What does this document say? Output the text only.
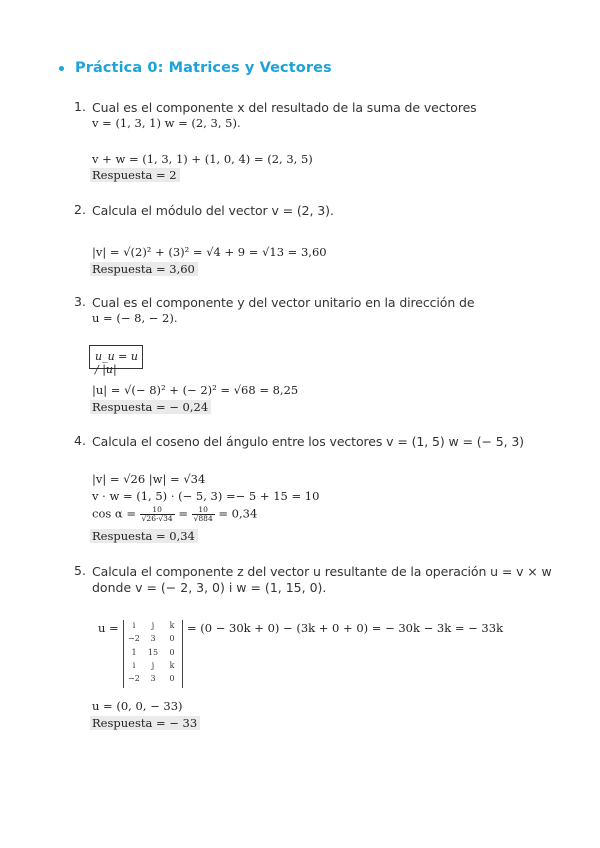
Práctica 0: Matrices y Vectores
1. Cual es el componente x del resultado de la suma de vectores
v = (1, 3, 1) w = (2, 3, 5).
v + w = (1, 3, 1) + (1, 0, 4) = (2, 3, 5)
Respuesta = 2
2. Calcula el módulo del vector v = (2, 3).
|v| = √(2)² + (3)² = √4 + 9 = √13 = 3,60
Respuesta = 3,60
3. Cual es el componente y del vector unitario en la dirección de
u = (− 8, − 2).
u_u = u / |u|
|u| = √(− 8)² + (− 2)² = √68 = 8,25
Respuesta = − 0,24
4. Calcula el coseno del ángulo entre los vectores v = (1, 5) w = (− 5, 3)
|v| = √26 |w| = √34
v · w = (1, 5) · (− 5, 3) =− 5 + 15 = 10
$\cos \alpha = \frac{10}{√26\cdot√34} = \frac{10}{√884} = 0,34$
Respuesta = 0,34
5. Calcula el componente z del vector u resultante de la operación u = v × w
donde v = (− 2, 3, 0) i w = (1, 15, 0).
u =	i	j	k
−2	3	0
1	15	0
i	j	k
−2	3	0
= (0 − 30k + 0) − (3k + 0 + 0) = − 30k − 3k = − 33k
u = (0, 0, − 33)
Respuesta = − 33
